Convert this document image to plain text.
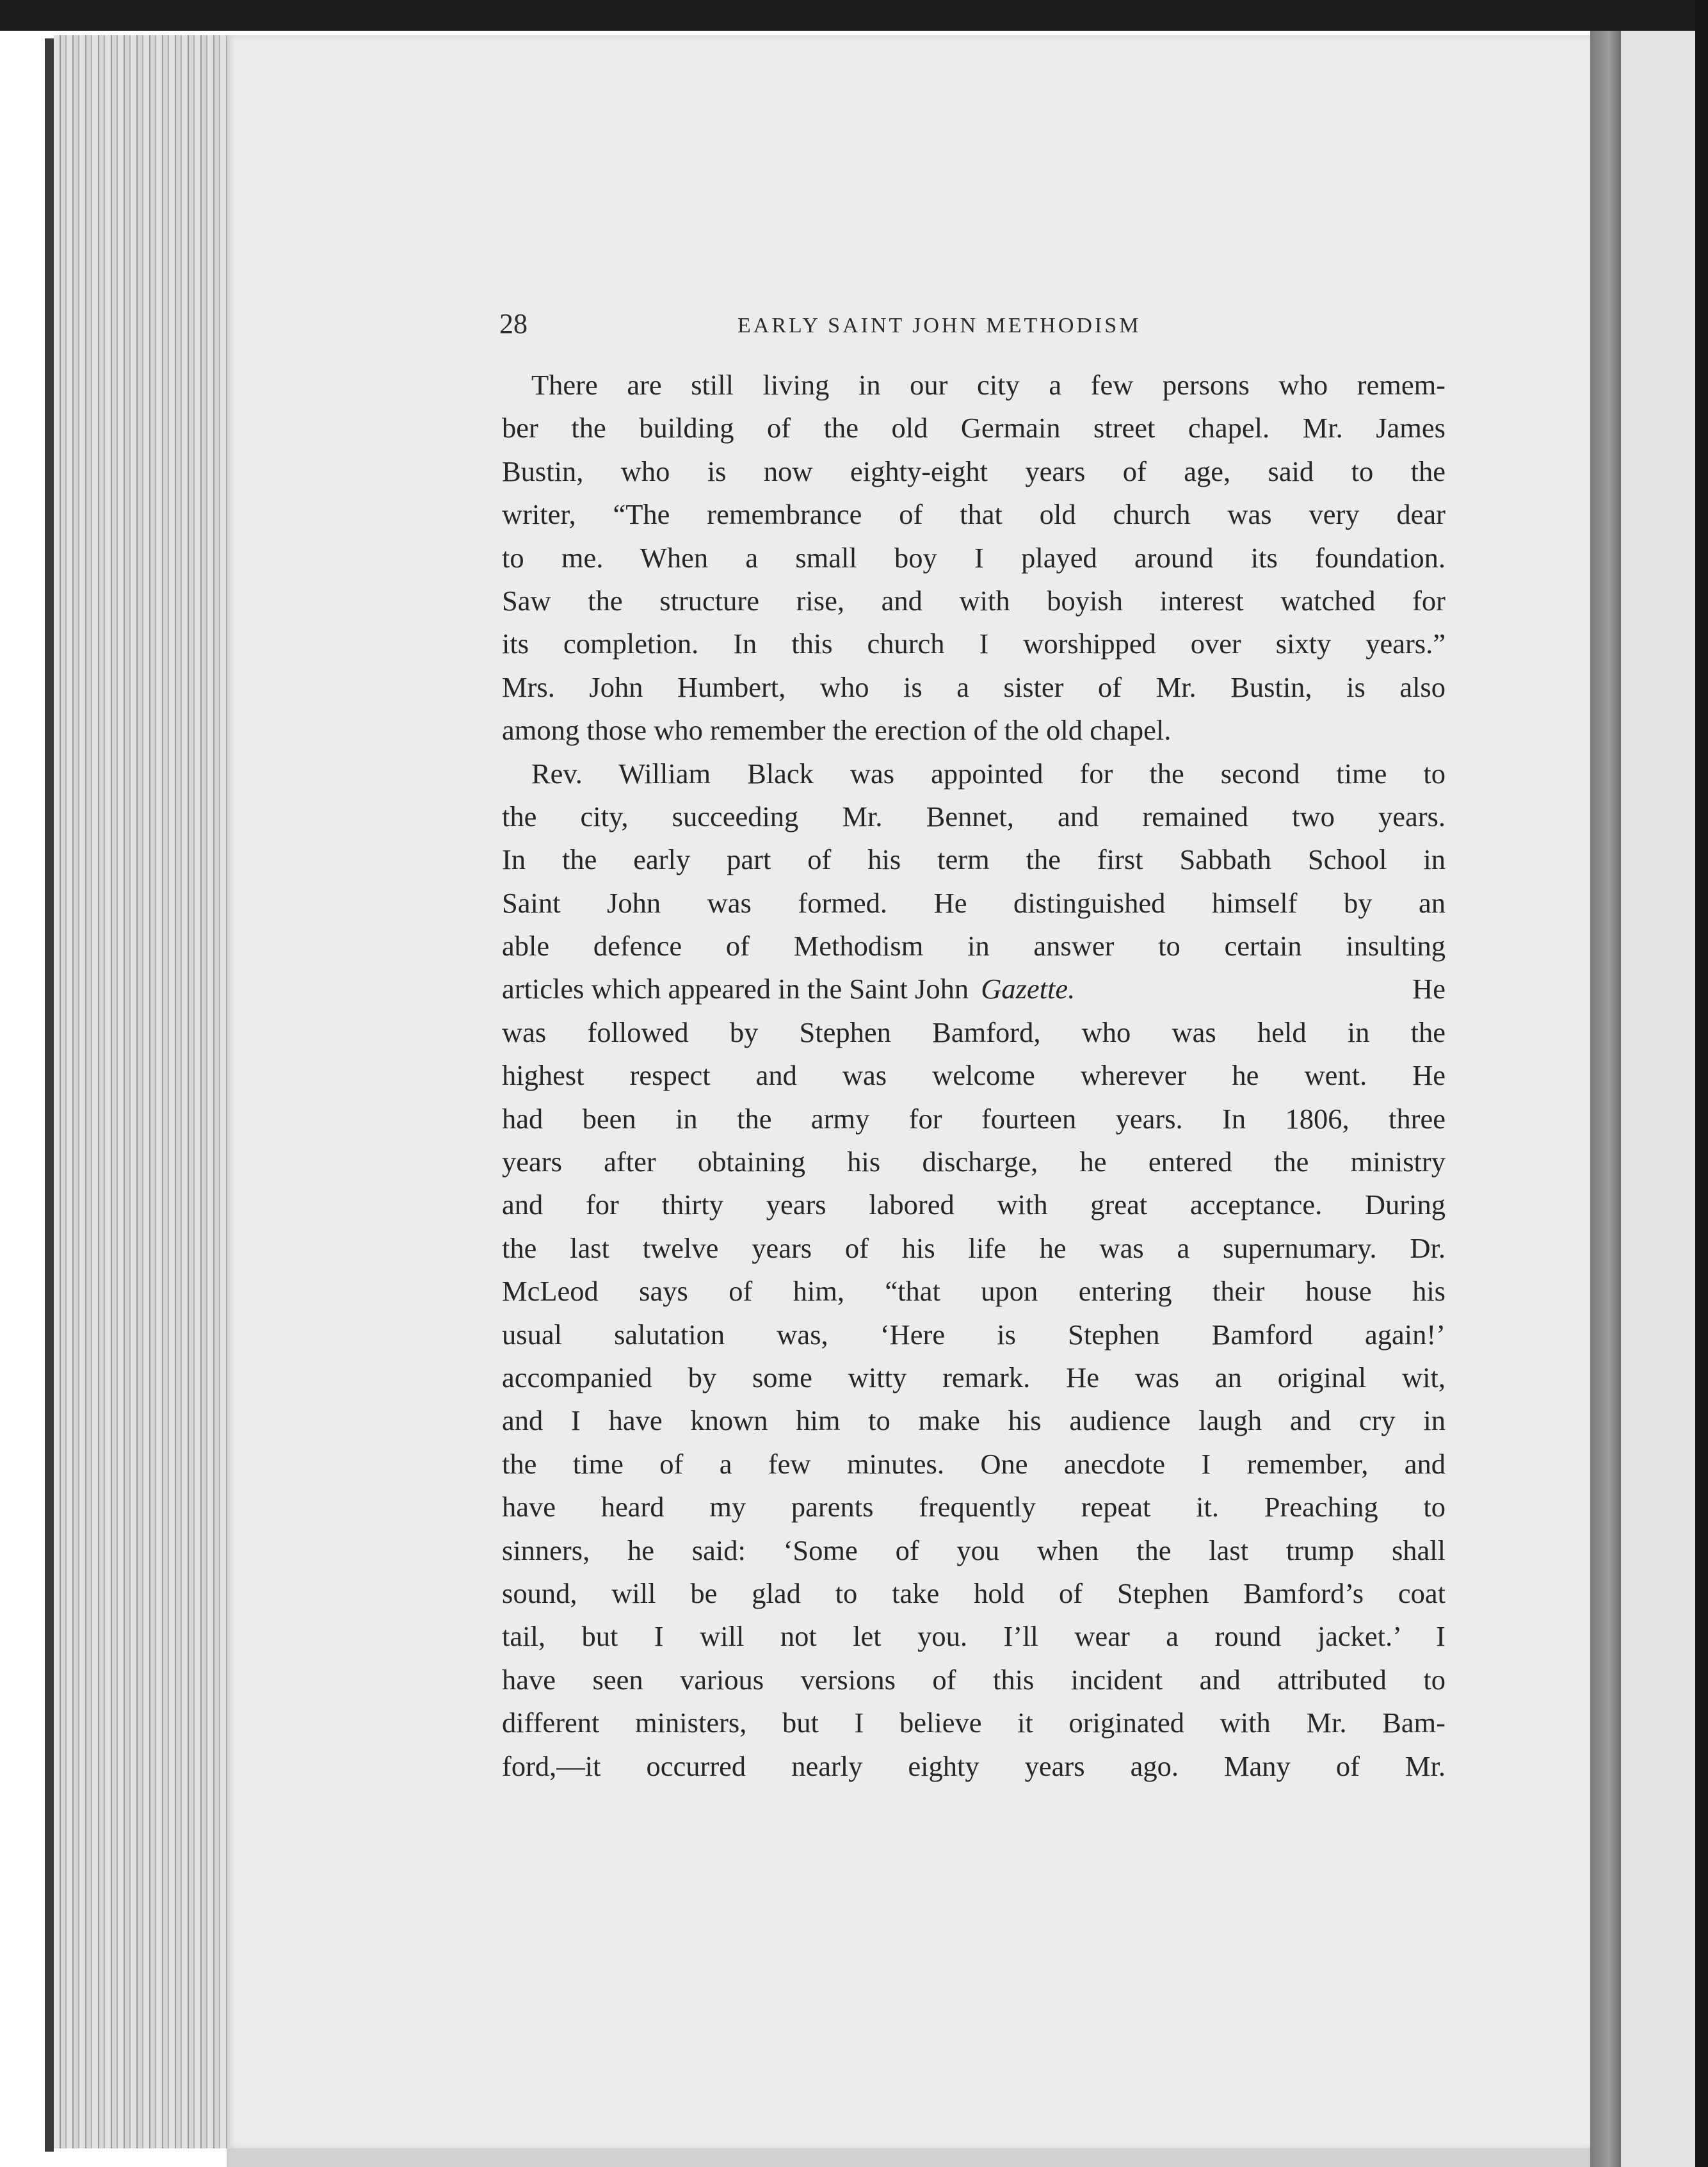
28	EARLY SAINT JOHN METHODISM
There are still living in our city a few persons who remem-
ber the building of the old Germain street chapel. Mr. James
Bustin, who is now eighty-eight years of age, said to the
writer, “The remembrance of that old church was very dear
to me. When a small boy I played around its foundation.
Saw the structure rise, and with boyish interest watched for
its completion. In this church I worshipped over sixty years.”
Mrs. John Humbert, who is a sister of Mr. Bustin, is also
among those who remember the erection of the old chapel.
Rev. William Black was appointed for the second time to
the city, succeeding Mr. Bennet, and remained two years.
In the early part of his term the first Sabbath School in
Saint John was formed. He distinguished himself by an
able defence of Methodism in answer to certain insulting
articles which appeared in the Saint John Gazette.	He
was followed by Stephen Bamford, who was held in the
highest respect and was welcome wherever he went. He
had been in the army for fourteen years. In 1806, three
years after obtaining his discharge, he entered the ministry
and for thirty years labored with great acceptance. During
the last twelve years of his life he was a supernumary. Dr.
McLeod says of him, “that upon entering their house his
usual salutation was, ‘Here is Stephen Bamford again!’
accompanied by some witty remark. He was an original wit,
and I have known him to make his audience laugh and cry in
the time of a few minutes. One anecdote I remember, and
have heard my parents frequently repeat it. Preaching to
sinners, he said: ‘Some of you when the last trump shall
sound, will be glad to take hold of Stephen Bamford’s coat
tail, but I will not let you. I’ll wear a round jacket.’ I
have seen various versions of this incident and attributed to
different ministers, but I believe it originated with Mr. Bam-
ford,—it occurred nearly eighty years ago. Many of Mr.
